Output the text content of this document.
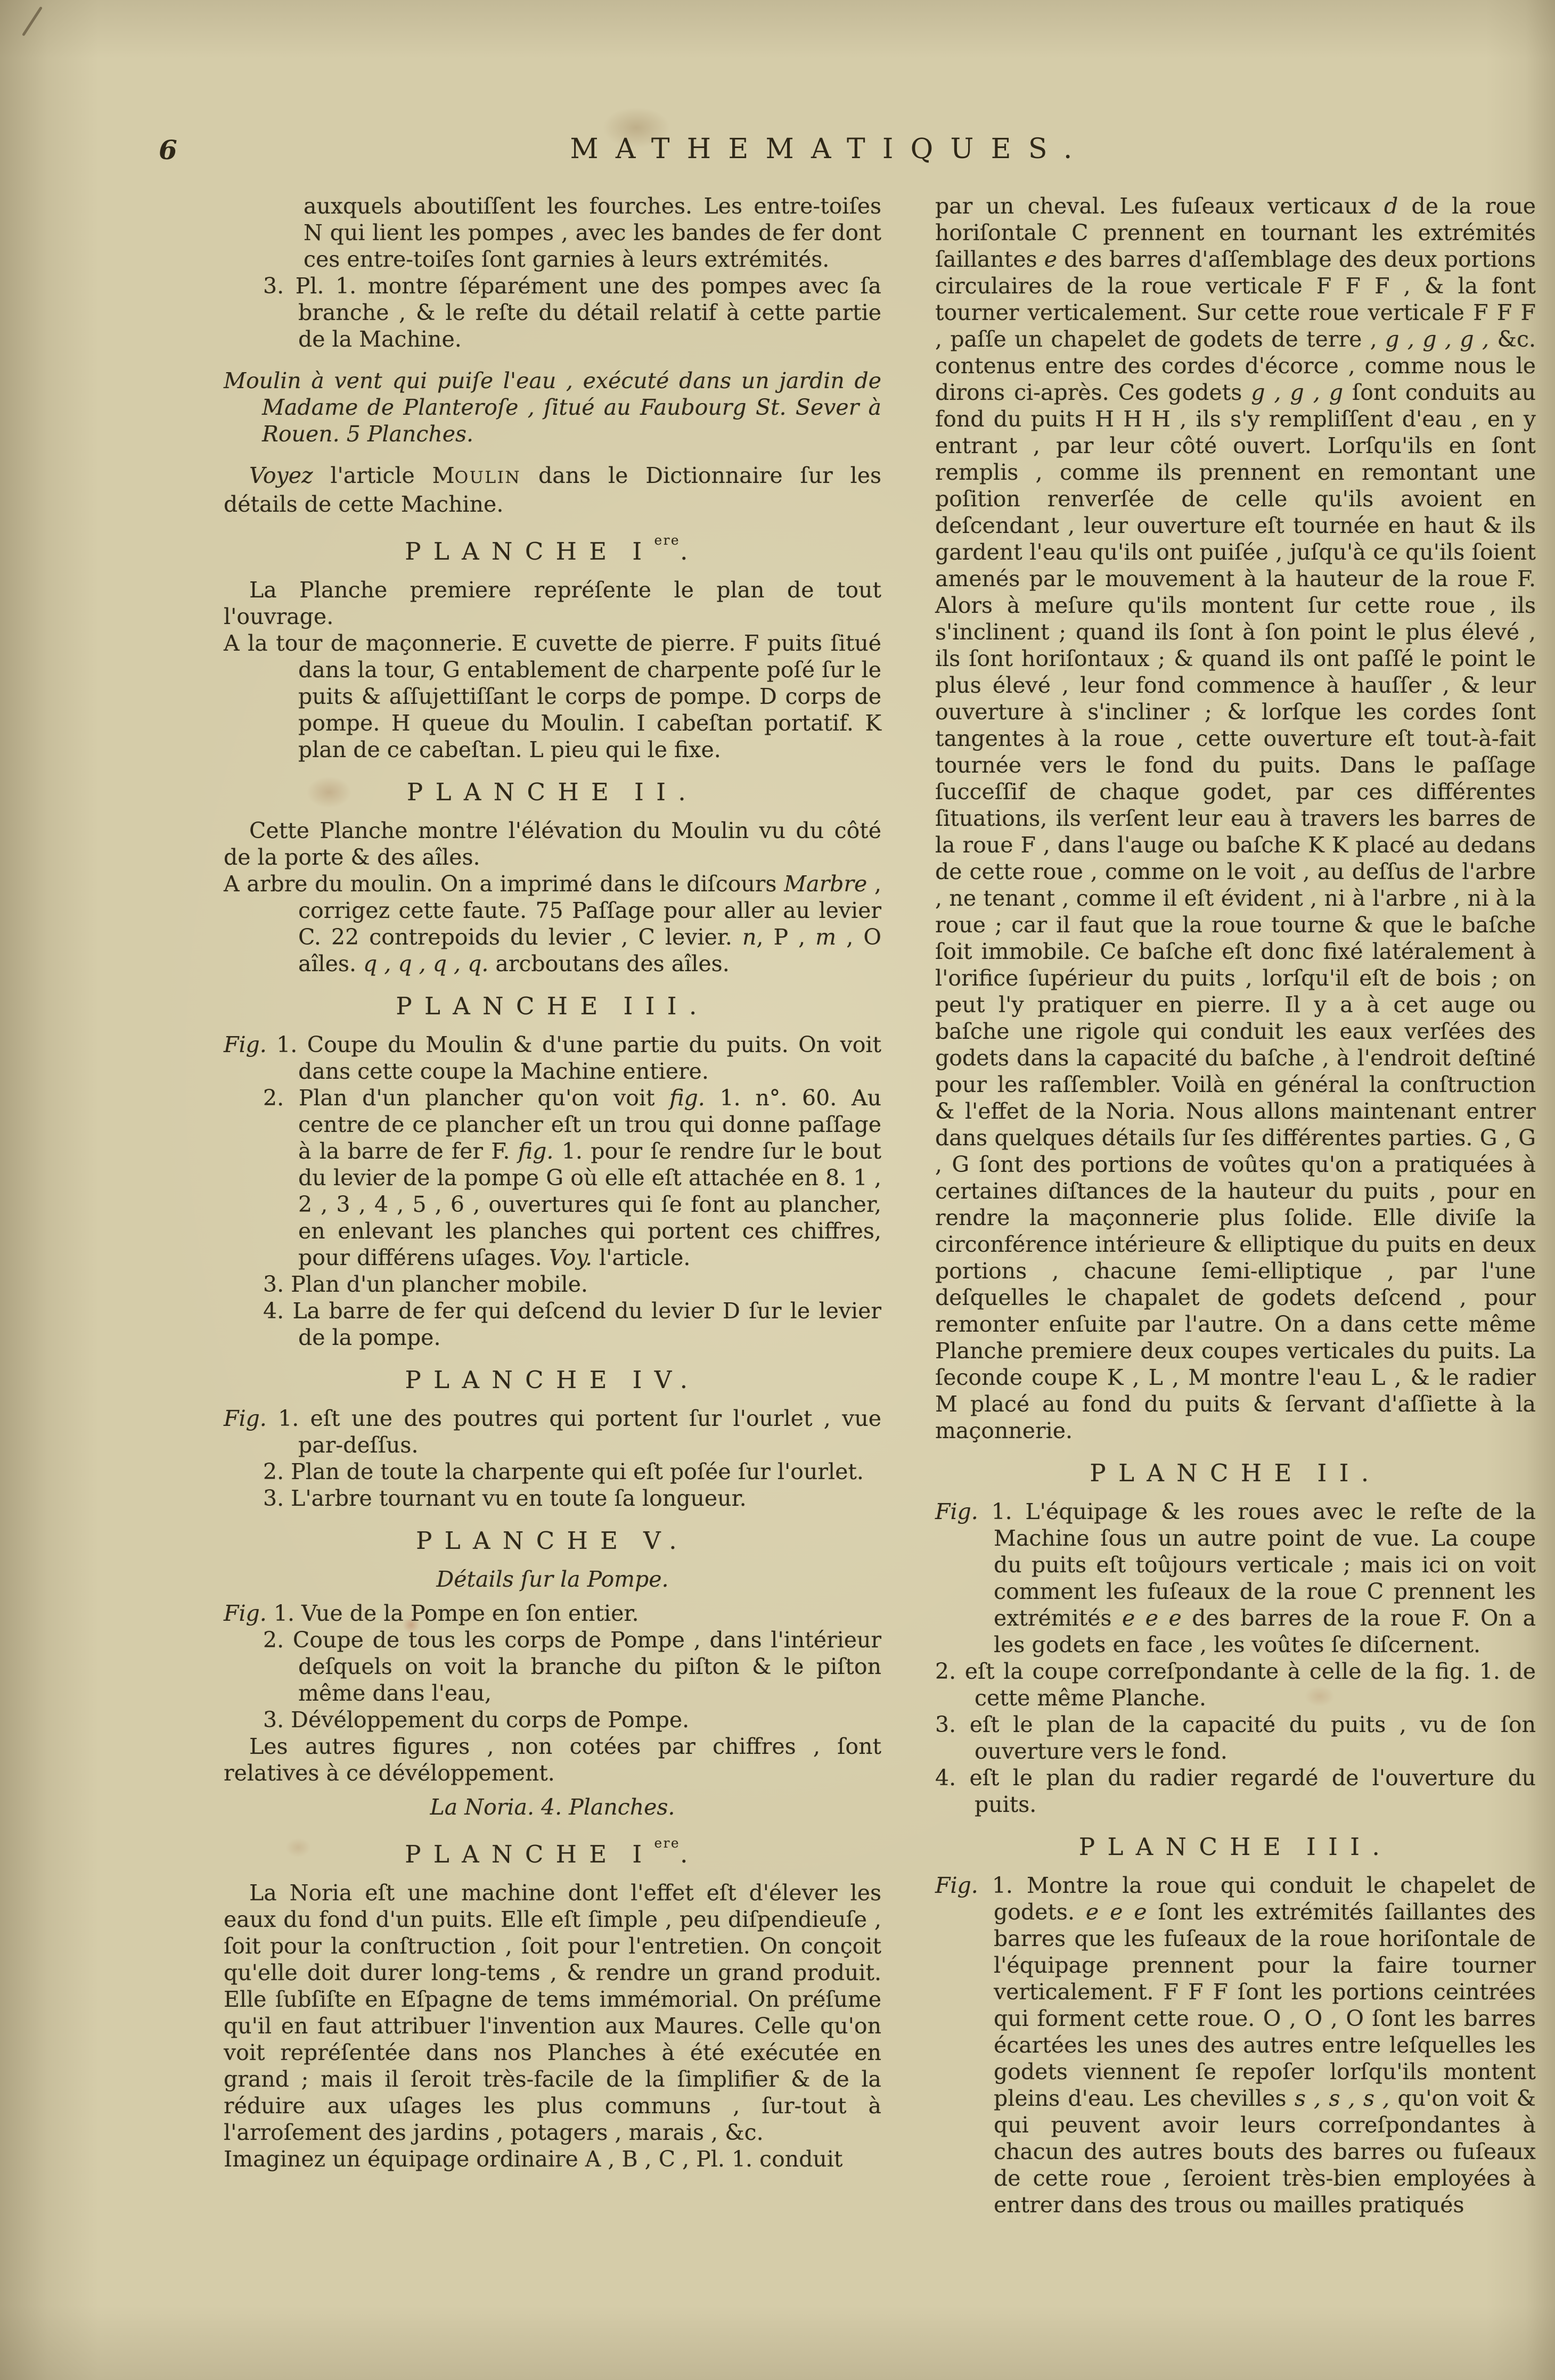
6	MATHEMATIQUES.
auxquels aboutiſſent les fourches. Les entre-toiſes N qui lient les pompes , avec les bandes de fer dont ces entre-toiſes ſont garnies à leurs extrémités.
3. Pl. 1. montre ſéparément une des pompes avec ſa branche , & le reſte du détail relatif à cette partie de la Machine.
Moulin à vent qui puiſe l'eau , exécuté dans un jardin de Madame de Planteroſe , ſitué au Faubourg St. Sever à Rouen. 5 Planches.
Voyez l'article MOULIN dans le Dictionnaire ſur les détails de cette Machine.
PLANCHE Iere.
La Planche premiere repréſente le plan de tout l'ouvrage.
A la tour de maçonnerie. E cuvette de pierre. F puits ſitué dans la tour, G entablement de charpente poſé ſur le puits & aſſujettiſſant le corps de pompe. D corps de pompe. H queue du Moulin. I cabeſtan portatif. K plan de ce cabeſtan. L pieu qui le fixe.
PLANCHE II.
Cette Planche montre l'élévation du Moulin vu du côté de la porte & des aîles.
A arbre du moulin. On a imprimé dans le diſcours Marbre , corrigez cette faute. 75 Paſſage pour aller au levier C. 22 contrepoids du levier , C levier. n, P , m , O aîles. q , q , q , q. arcboutans des aîles.
PLANCHE III.
Fig. 1. Coupe du Moulin & d'une partie du puits. On voit dans cette coupe la Machine entiere.
2. Plan d'un plancher qu'on voit fig. 1. n°. 60. Au centre de ce plancher eſt un trou qui donne paſſage à la barre de fer F. fig. 1. pour ſe rendre ſur le bout du levier de la pompe G où elle eſt attachée en 8. 1 , 2 , 3 , 4 , 5 , 6 , ouvertures qui ſe font au plancher, en enlevant les planches qui portent ces chiffres, pour différens uſages. Voy. l'article.
3. Plan d'un plancher mobile.
4. La barre de fer qui deſcend du levier D ſur le levier de la pompe.
PLANCHE IV.
Fig. 1. eſt une des poutres qui portent ſur l'ourlet , vue par-deſſus.
2. Plan de toute la charpente qui eſt poſée ſur l'ourlet.
3. L'arbre tournant vu en toute ſa longueur.
PLANCHE V.
Détails ſur la Pompe.
Fig. 1. Vue de la Pompe en ſon entier.
2. Coupe de tous les corps de Pompe , dans l'intérieur deſquels on voit la branche du piſton & le piſton même dans l'eau,
3. Dévéloppement du corps de Pompe.
Les autres figures , non cotées par chiffres , ſont relatives à ce dévéloppement.
La Noria. 4. Planches.
PLANCHE Iere.
La Noria eſt une machine dont l'effet eſt d'élever les eaux du fond d'un puits. Elle eſt ſimple , peu diſpendieuſe , ſoit pour la conſtruction , ſoit pour l'entretien. On conçoit qu'elle doit durer long-tems , & rendre un grand produit. Elle ſubſiſte en Eſpagne de tems immémorial. On préſume qu'il en faut attribuer l'invention aux Maures. Celle qu'on voit repréſentée dans nos Planches à été exécutée en grand ; mais il ſeroit très-facile de la ſimplifier & de la réduire aux uſages les plus communs , ſur-tout à l'arroſement des jardins , potagers , marais , &c.
Imaginez un équipage ordinaire A , B , C , Pl. 1. conduit
par un cheval. Les fuſeaux verticaux d de la roue horiſontale C prennent en tournant les extrémités ſaillantes e des barres d'aſſemblage des deux portions circulaires de la roue verticale F F F , & la font tourner verticalement. Sur cette roue verticale F F F , paſſe un chapelet de godets de terre , g , g , g , &c. contenus entre des cordes d'écorce , comme nous le dirons ci-après. Ces godets g , g , g ſont conduits au fond du puits H H H , ils s'y rempliſſent d'eau , en y entrant , par leur côté ouvert. Lorſqu'ils en ſont remplis , comme ils prennent en remontant une poſition renverſée de celle qu'ils avoient en deſcendant , leur ouverture eſt tournée en haut & ils gardent l'eau qu'ils ont puiſée , juſqu'à ce qu'ils ſoient amenés par le mouvement à la hauteur de la roue F. Alors à meſure qu'ils montent ſur cette roue , ils s'inclinent ; quand ils ſont à ſon point le plus élevé , ils ſont horiſontaux ; & quand ils ont paſſé le point le plus élevé , leur fond commence à hauſſer , & leur ouverture à s'incliner ; & lorſque les cordes ſont tangentes à la roue , cette ouverture eſt tout-à-fait tournée vers le fond du puits. Dans le paſſage ſucceſſif de chaque godet, par ces différentes ſituations, ils verſent leur eau à travers les barres de la roue F , dans l'auge ou baſche K K placé au dedans de cette roue , comme on le voit , au deſſus de l'arbre , ne tenant , comme il eſt évident , ni à l'arbre , ni à la roue ; car il faut que la roue tourne & que le baſche ſoit immobile. Ce baſche eſt donc fixé latéralement à l'orifice ſupérieur du puits , lorſqu'il eſt de bois ; on peut l'y pratiquer en pierre. Il y a à cet auge ou baſche une rigole qui conduit les eaux verſées des godets dans la capacité du baſche , à l'endroit deſtiné pour les raſſembler. Voilà en général la conſtruction & l'effet de la Noria. Nous allons maintenant entrer dans quelques détails ſur ſes différentes parties. G , G , G ſont des portions de voûtes qu'on a pratiquées à certaines diſtances de la hauteur du puits , pour en rendre la maçonnerie plus ſolide. Elle diviſe la circonférence intérieure & elliptique du puits en deux portions , chacune ſemi-elliptique , par l'une deſquelles le chapalet de godets deſcend , pour remonter enſuite par l'autre. On a dans cette même Planche premiere deux coupes verticales du puits. La ſeconde coupe K , L , M montre l'eau L , & le radier M placé au fond du puits & ſervant d'aſſiette à la maçonnerie.
PLANCHE II.
Fig. 1. L'équipage & les roues avec le reſte de la Machine ſous un autre point de vue. La coupe du puits eſt toûjours verticale ; mais ici on voit comment les fuſeaux de la roue C prennent les extrémités e e e des barres de la roue F. On a les godets en face , les voûtes ſe diſcernent.
2. eſt la coupe correſpondante à celle de la fig. 1. de cette même Planche.
3. eſt le plan de la capacité du puits , vu de ſon ouverture vers le fond.
4. eſt le plan du radier regardé de l'ouverture du puits.
PLANCHE III.
Fig. 1. Montre la roue qui conduit le chapelet de godets. e e e ſont les extrémités ſaillantes des barres que les fuſeaux de la roue horiſontale de l'équipage prennent pour la faire tourner verticalement. F F F ſont les portions ceintrées qui forment cette roue. O , O , O ſont les barres écartées les unes des autres entre leſquelles les godets viennent ſe repoſer lorſqu'ils montent pleins d'eau. Les chevilles s , s , s , qu'on voit & qui peuvent avoir leurs correſpondantes à chacun des autres bouts des barres ou fuſeaux de cette roue , ſeroient très-bien employées à entrer dans des trous ou mailles pratiqués
